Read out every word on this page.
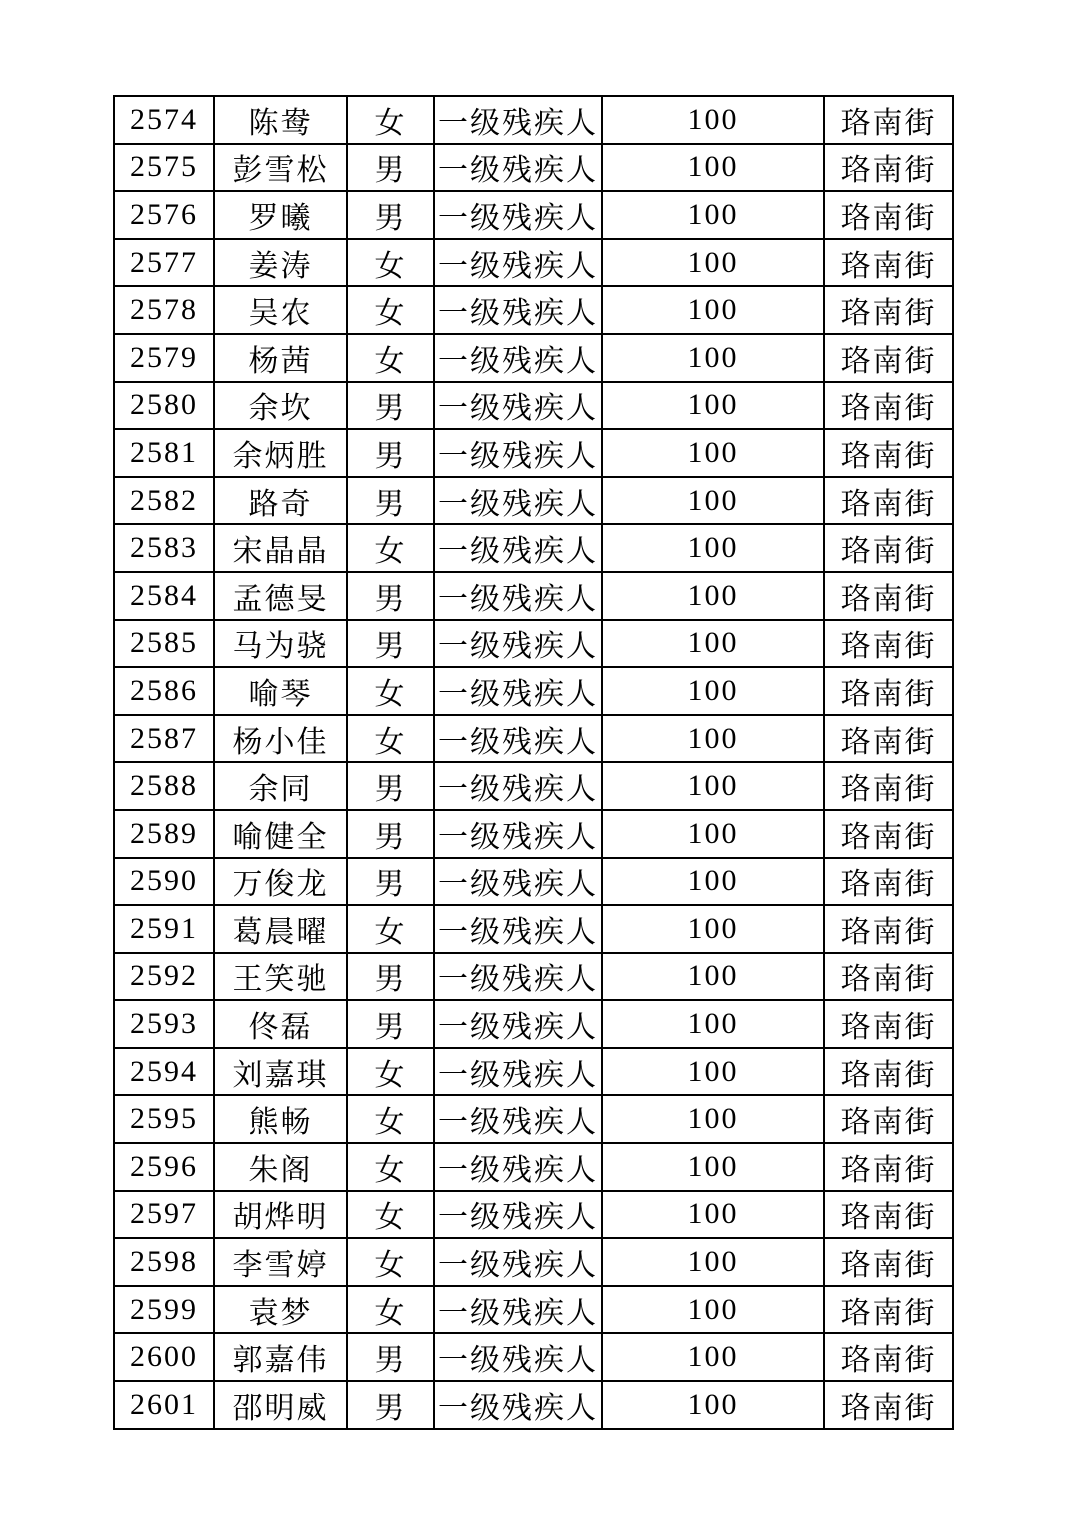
2574	陈鸯	女	一级残疾人	100	珞南街
2575	彭雪松	男	一级残疾人	100	珞南街
2576	罗曦	男	一级残疾人	100	珞南街
2577	姜涛	女	一级残疾人	100	珞南街
2578	吴农	女	一级残疾人	100	珞南街
2579	杨茜	女	一级残疾人	100	珞南街
2580	余坎	男	一级残疾人	100	珞南街
2581	余炳胜	男	一级残疾人	100	珞南街
2582	路奇	男	一级残疾人	100	珞南街
2583	宋晶晶	女	一级残疾人	100	珞南街
2584	孟德旻	男	一级残疾人	100	珞南街
2585	马为骁	男	一级残疾人	100	珞南街
2586	喻琴	女	一级残疾人	100	珞南街
2587	杨小佳	女	一级残疾人	100	珞南街
2588	余同	男	一级残疾人	100	珞南街
2589	喻健全	男	一级残疾人	100	珞南街
2590	万俊龙	男	一级残疾人	100	珞南街
2591	葛晨曜	女	一级残疾人	100	珞南街
2592	王笑驰	男	一级残疾人	100	珞南街
2593	佟磊	男	一级残疾人	100	珞南街
2594	刘嘉琪	女	一级残疾人	100	珞南街
2595	熊畅	女	一级残疾人	100	珞南街
2596	朱阁	女	一级残疾人	100	珞南街
2597	胡烨明	女	一级残疾人	100	珞南街
2598	李雪婷	女	一级残疾人	100	珞南街
2599	袁梦	女	一级残疾人	100	珞南街
2600	郭嘉伟	男	一级残疾人	100	珞南街
2601	邵明威	男	一级残疾人	100	珞南街
